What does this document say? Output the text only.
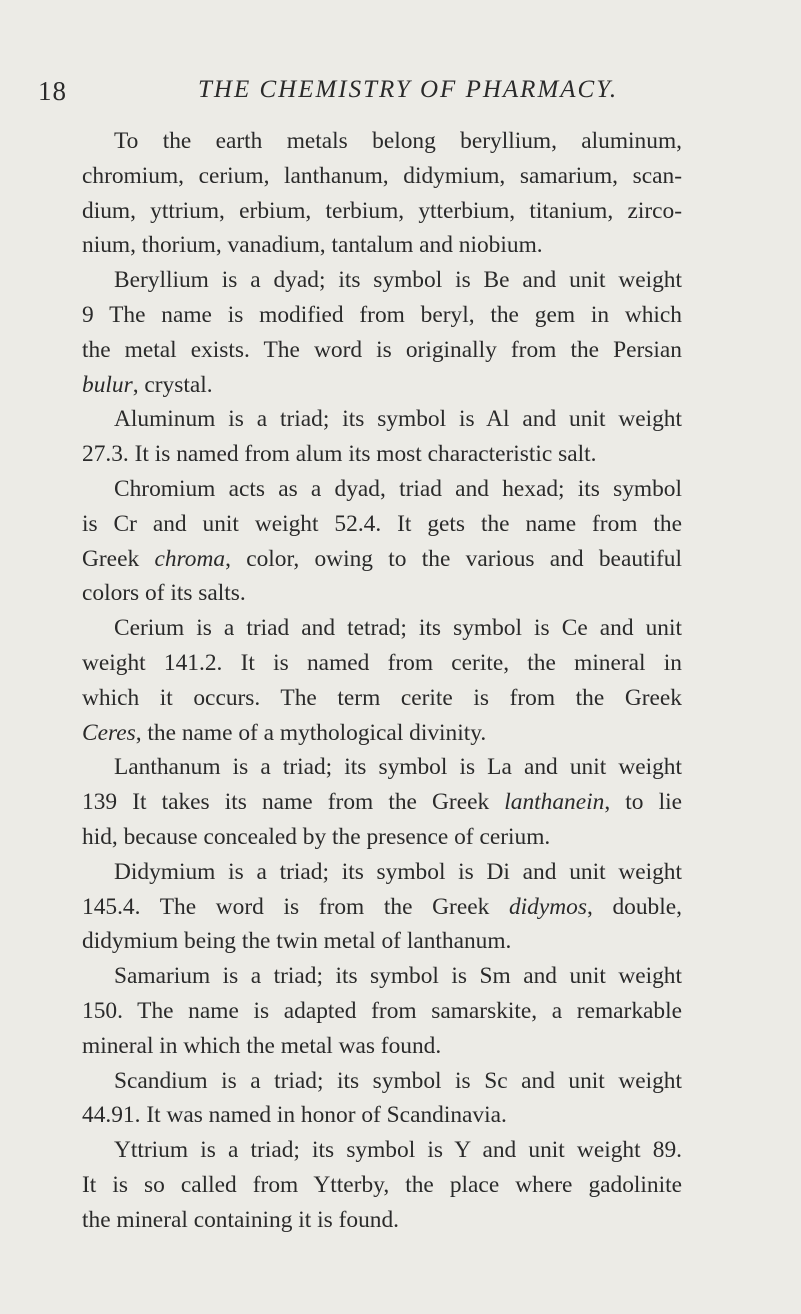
18	THE CHEMISTRY OF PHARMACY.
To the earth metals belong beryllium, aluminum,
chromium, cerium, lanthanum, didymium, samarium, scan-
dium, yttrium, erbium, terbium, ytterbium, titanium, zirco-
nium, thorium, vanadium, tantalum and niobium.
Beryllium is a dyad; its symbol is Be and unit weight
9 The name is modified from beryl, the gem in which
the metal exists. The word is originally from the Persian
bulur, crystal.
Aluminum is a triad; its symbol is Al and unit weight
27.3. It is named from alum its most characteristic salt.
Chromium acts as a dyad, triad and hexad; its symbol
is Cr and unit weight 52.4. It gets the name from the
Greek chroma, color, owing to the various and beautiful
colors of its salts.
Cerium is a triad and tetrad; its symbol is Ce and unit
weight 141.2. It is named from cerite, the mineral in
which it occurs. The term cerite is from the Greek
Ceres, the name of a mythological divinity.
Lanthanum is a triad; its symbol is La and unit weight
139 It takes its name from the Greek lanthanein, to lie
hid, because concealed by the presence of cerium.
Didymium is a triad; its symbol is Di and unit weight
145.4. The word is from the Greek didymos, double,
didymium being the twin metal of lanthanum.
Samarium is a triad; its symbol is Sm and unit weight
150. The name is adapted from samarskite, a remarkable
mineral in which the metal was found.
Scandium is a triad; its symbol is Sc and unit weight
44.91. It was named in honor of Scandinavia.
Yttrium is a triad; its symbol is Y and unit weight 89.
It is so called from Ytterby, the place where gadolinite
the mineral containing it is found.
